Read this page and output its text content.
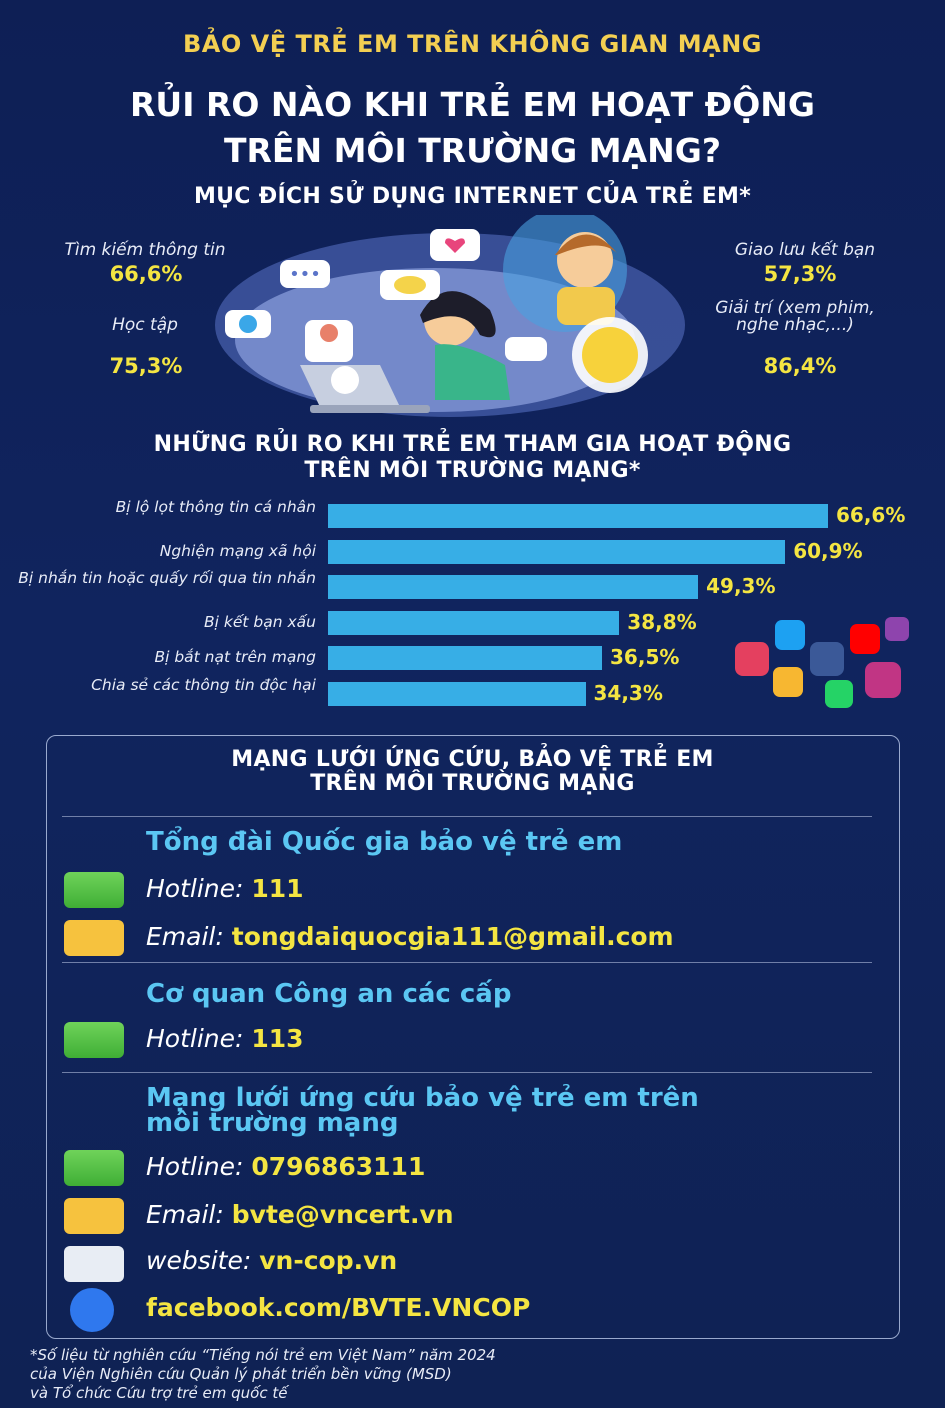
BẢO VỆ TRẺ EM TRÊN KHÔNG GIAN MẠNG
RỦI RO NÀO KHI TRẺ EM HOẠT ĐỘNG
TRÊN MÔI TRƯỜNG MẠNG?
MỤC ĐÍCH SỬ DỤNG INTERNET CỦA TRẺ EM*
•••
Tìm kiếm thông tin
66,6%
Học tập
75,3%
Giao lưu kết bạn
57,3%
Giải trí (xem phim, nghe nhạc,...)
86,4%
NHỮNG RỦI RO KHI TRẺ EM THAM GIA HOẠT ĐỘNG
TRÊN MÔI TRƯỜNG MẠNG*
Bị lộ lọt thông tin cá nhân	66,6%
Nghiện mạng xã hội	60,9%
Bị nhắn tin hoặc quấy rối qua tin nhắn	49,3%
Bị kết bạn xấu	38,8%
Bị bắt nạt trên mạng	36,5%
Chia sẻ các thông tin độc hại	34,3%
MẠNG LƯỚI ỨNG CỨU, BẢO VỆ TRẺ EM
TRÊN MÔI TRƯỜNG MẠNG
Tổng đài Quốc gia bảo vệ trẻ em
Hotline: 111
Email: tongdaiquocgia111@gmail.com
Cơ quan Công an các cấp
Hotline: 113
Mạng lưới ứng cứu bảo vệ trẻ em trên
môi trường mạng
Hotline: 0796863111
Email: bvte@vncert.vn
website: vn-cop.vn
facebook.com/BVTE.VNCOP
*Số liệu từ nghiên cứu “Tiếng nói trẻ em Việt Nam” năm 2024
của Viện Nghiên cứu Quản lý phát triển bền vững (MSD)
và Tổ chức Cứu trợ trẻ em quốc tế
